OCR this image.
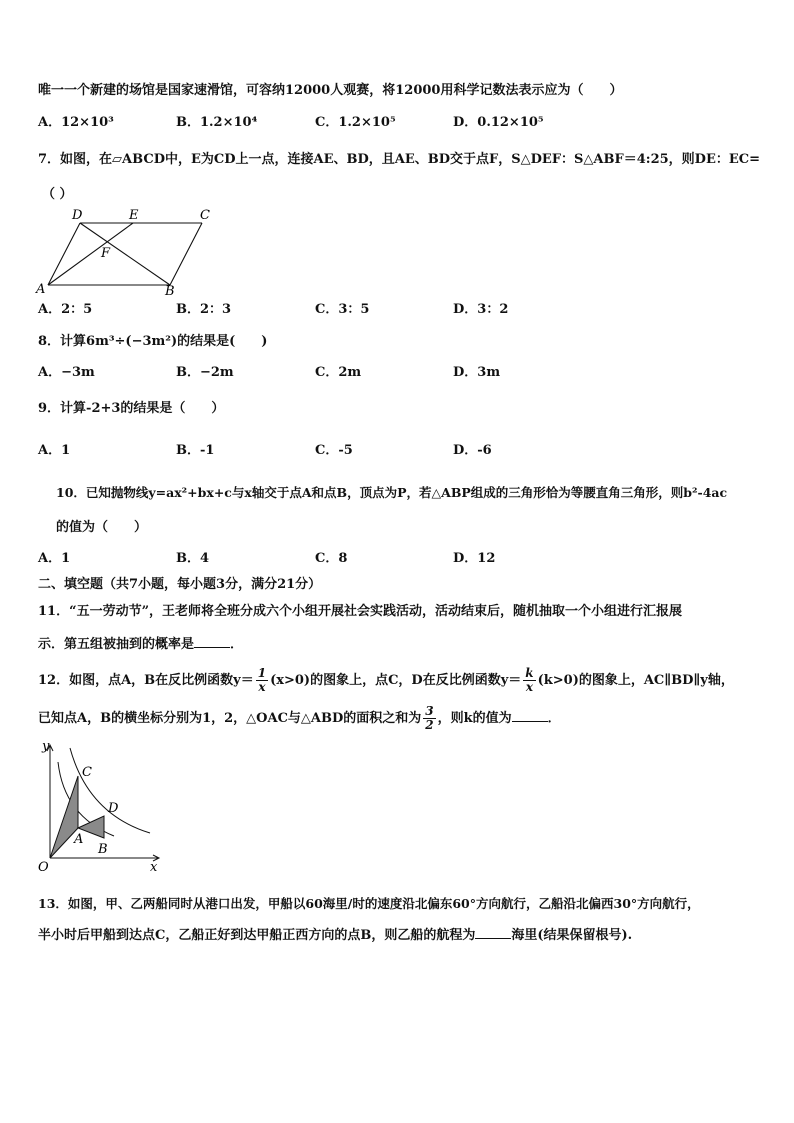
唯一一个新建的场馆是国家速滑馆，可容纳12000人观赛，将12000用科学记数法表示应为（　　）
A．12×10³	B．1.2×10⁴	C．1.2×10⁵	D．0.12×10⁵
7．如图，在▱ABCD中，E为CD上一点，连接AE、BD，且AE、BD交于点F，S△DEF：S△ABF＝4:25，则DE：EC=
（ ）
D	E	C
F
A	B
A．2：5	B．2：3	C．3：5	D．3：2
8．计算6m³÷(−3m²)的结果是(　　)
A．−3m	B．−2m	C．2m	D．3m
9．计算-2+3的结果是（　　）
A．1	B．-1	C．-5	D．-6
10．已知抛物线y=ax²+bx+c与x轴交于点A和点B，顶点为P，若△ABP组成的三角形恰为等腰直角三角形，则b²-4ac
的值为（　　）
A．1	B．4	C．8	D．12
二、填空题（共7小题，每小题3分，满分21分）
11．“五一劳动节”，王老师将全班分成六个小组开展社会实践活动，活动结束后，随机抽取一个小组进行汇报展
示．第五组被抽到的概率是	．
12．如图，点A，B在反比例函数$y= \frac{1}{x} (x>0)$的图象上，点C，D在反比例函数$y= \frac{k}{x} (k>0)$的图象上，AC∥BD∥y轴，
已知点A，B的横坐标分别为1，2，△OAC与△ABD的面积之和为 $\frac{3}{2}$ ，则k的值为	．
y
x
O
C
D
A
B
13．如图，甲、乙两船同时从港口出发，甲船以60海里/时的速度沿北偏东60°方向航行，乙船沿北偏西30°方向航行，
半小时后甲船到达点C，乙船正好到达甲船正西方向的点B，则乙船的航程为	海里(结果保留根号).
